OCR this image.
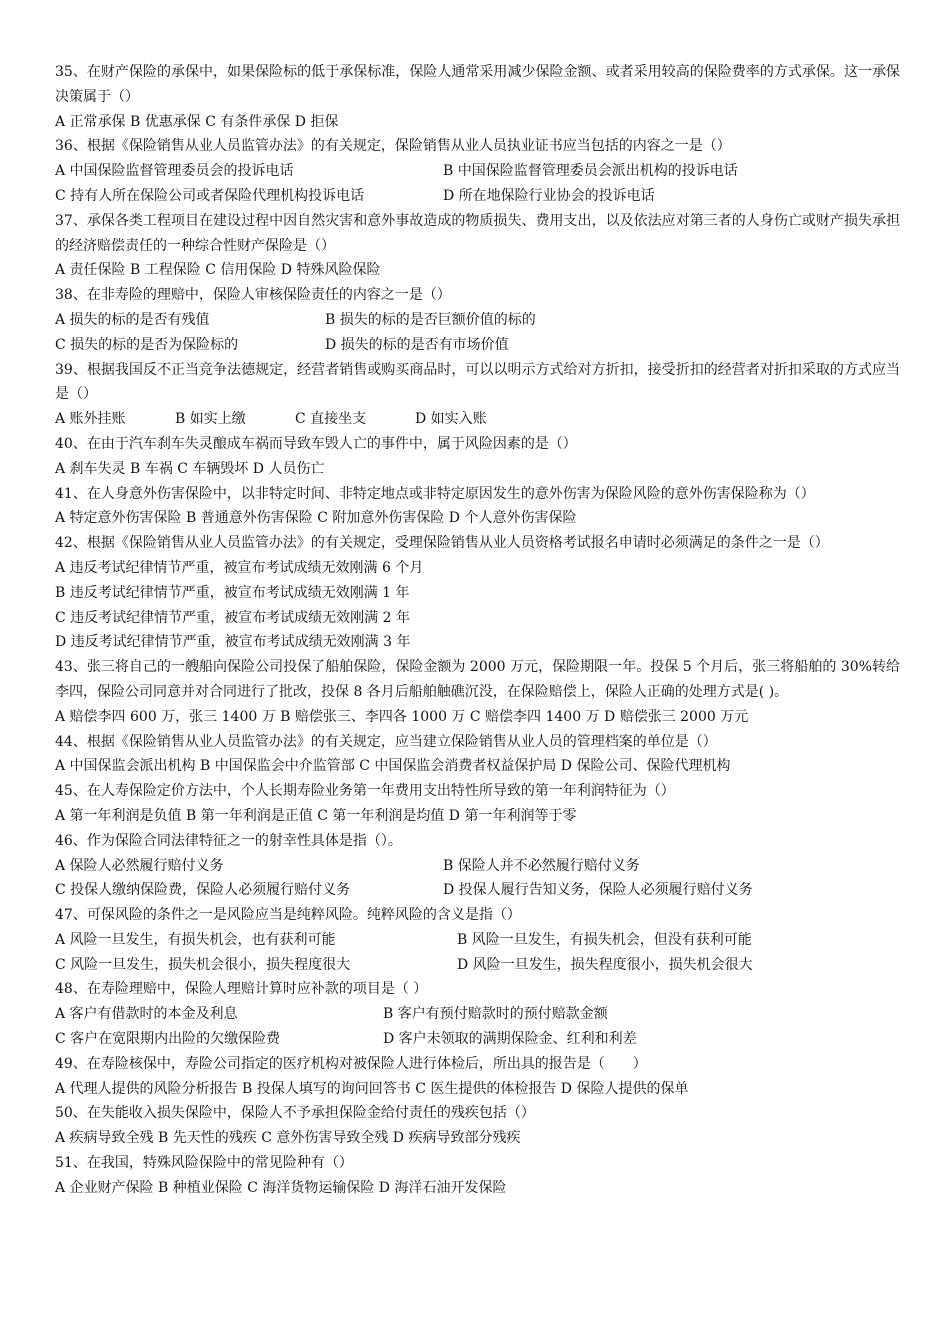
35、在财产保险的承保中，如果保险标的低于承保标准，保险人通常采用减少保险金额、或者采用较高的保险费率的方式承保。这一承保决策属于（）

A 正常承保 B 优惠承保 C 有条件承保 D 拒保

36、根据《保险销售从业人员监管办法》的有关规定，保险销售从业人员执业证书应当包括的内容之一是（）

A 中国保险监督管理委员会的投诉电话	B 中国保险监督管理委员会派出机构的投诉电话
C 持有人所在保险公司或者保险代理机构投诉电话	D 所在地保险行业协会的投诉电话

37、承保各类工程项目在建设过程中因自然灾害和意外事故造成的物质损失、费用支出，以及依法应对第三者的人身伤亡或财产损失承担的经济赔偿责任的一种综合性财产保险是（）

A 责任保险 B 工程保险 C 信用保险 D 特殊风险保险

38、在非寿险的理赔中，保险人审核保险责任的内容之一是（）

A 损失的标的是否有残值	B 损失的标的是否巨额价值的标的
C 损失的标的是否为保险标的	D 损失的标的是否有市场价值

39、根据我国反不正当竞争法德规定，经营者销售或购买商品时，可以以明示方式给对方折扣，接受折扣的经营者对折扣采取的方式应当是（）

A 账外挂账	B 如实上缴	C 直接坐支	D 如实入账

40、在由于汽车刹车失灵酿成车祸而导致车毁人亡的事件中，属于风险因素的是（）

A 刹车失灵 B 车祸 C 车辆毁坏 D 人员伤亡

41、在人身意外伤害保险中，以非特定时间、非特定地点或非特定原因发生的意外伤害为保险风险的意外伤害保险称为（）

A 特定意外伤害保险 B 普通意外伤害保险 C 附加意外伤害保险 D 个人意外伤害保险

42、根据《保险销售从业人员监管办法》的有关规定，受理保险销售从业人员资格考试报名申请时必须满足的条件之一是（）

A 违反考试纪律情节严重，被宣布考试成绩无效刚满 6 个月

B 违反考试纪律情节严重，被宣布考试成绩无效刚满 1 年

C 违反考试纪律情节严重，被宣布考试成绩无效刚满 2 年

D 违反考试纪律情节严重，被宣布考试成绩无效刚满 3 年

43、张三将自己的一艘船向保险公司投保了船舶保险，保险金额为 2000 万元，保险期限一年。投保 5 个月后，张三将船舶的 30%转给李四，保险公司同意并对合同进行了批改，投保 8 各月后船舶触礁沉没，在保险赔偿上，保险人正确的处理方式是( )。

A 赔偿李四 600 万，张三 1400 万 B 赔偿张三、李四各 1000 万 C 赔偿李四 1400 万 D 赔偿张三 2000 万元

44、根据《保险销售从业人员监管办法》的有关规定，应当建立保险销售从业人员的管理档案的单位是（）

A 中国保监会派出机构 B 中国保监会中介监管部 C 中国保监会消费者权益保护局 D 保险公司、保险代理机构

45、在人寿保险定价方法中，个人长期寿险业务第一年费用支出特性所导致的第一年利润特征为（）

A 第一年利润是负值 B 第一年利润是正值 C 第一年利润是均值 D 第一年利润等于零

46、作为保险合同法律特征之一的射幸性具体是指（）。

A 保险人必然履行赔付义务	B 保险人并不必然履行赔付义务
C 投保人缴纳保险费，保险人必须履行赔付义务	D 投保人履行告知义务，保险人必须履行赔付义务

47、可保风险的条件之一是风险应当是纯粹风险。纯粹风险的含义是指（）

A 风险一旦发生，有损失机会，也有获利可能	B 风险一旦发生，有损失机会，但没有获利可能
C 风险一旦发生，损失机会很小，损失程度很大	D 风险一旦发生，损失程度很小，损失机会很大

48、在寿险理赔中，保险人理赔计算时应补款的项目是（ ）

A 客户有借款时的本金及利息	B 客户有预付赔款时的预付赔款金额
C 客户在宽限期内出险的欠缴保险费	D 客户未领取的满期保险金、红利和利差

49、在寿险核保中，寿险公司指定的医疗机构对被保险人进行体检后，所出具的报告是（　　）

A 代理人提供的风险分析报告 B 投保人填写的询问回答书 C 医生提供的体检报告 D 保险人提供的保单

50、在失能收入损失保险中，保险人不予承担保险金给付责任的残疾包括（）

A 疾病导致全残 B 先天性的残疾 C 意外伤害导致全残 D 疾病导致部分残疾

51、在我国，特殊风险保险中的常见险种有（）

A 企业财产保险 B 种植业保险 C 海洋货物运输保险 D 海洋石油开发保险
